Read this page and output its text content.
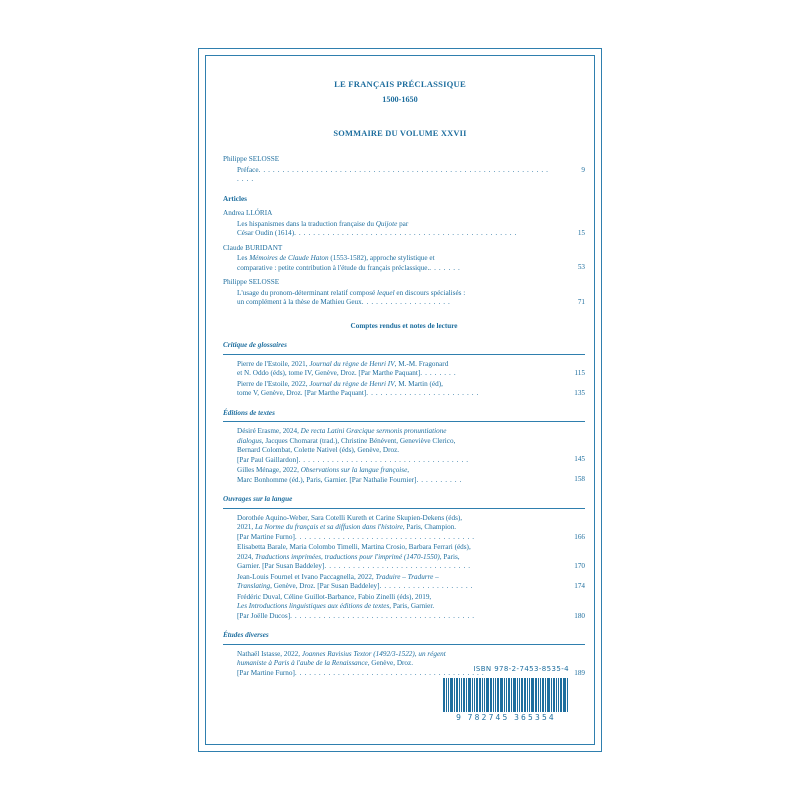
LE FRANÇAIS PRÉCLASSIQUE
1500-1650
SOMMAIRE DU VOLUME XXVII
Philippe SELOSSE
Préface. . . . . . . . . . . . . . . . . . . . . . . . . . . . . . . . . . . . . . . . . . . . . . . . . . . . . . . . . . . . . . . . .
9
Articles
Andrea LLÓRIA
Les hispanismes dans la traduction française du Quijote par
César Oudin (1614). . . . . . . . . . . . . . . . . . . . . . . . . . . . . . . . . . . . . . . . . . . . . . .	15
Claude BURIDANT
Les Mémoires de Claude Haton (1553-1582), approche stylistique et
comparative : petite contribution à l'étude du français préclassique.. . . . . . .	53
Philippe SELOSSE
L'usage du pronom-déterminant relatif composé lequel en discours spécialisés :
un complément à la thèse de Mathieu Geux. . . . . . . . . . . . . . . . . . .	71
Comptes rendus et notes de lecture
Critique de glossaires
Pierre de l'Estoile, 2021, Journal du règne de Henri IV, M.-M. Fragonard
et N. Oddo (éds), tome IV, Genève, Droz. [Par Marthe Paquant]. . . . . . . .	115
Pierre de l'Estoile, 2022, Journal du règne de Henri IV, M. Martin (éd),
tome V, Genève, Droz. [Par Marthe Paquant]. . . . . . . . . . . . . . . . . . . . . . . .	135
Éditions de textes
Désiré Erasme, 2024, De recta Latini Græcique sermonis pronuntiatione
dialogus, Jacques Chomarat (trad.), Christine Bénévent, Geneviève Clerico,
Bernard Colombat, Colette Nativel (éds), Genève, Droz.
[Par Paul Gaillardon]. . . . . . . . . . . . . . . . . . . . . . . . . . . . . . . . . . . .	145
Gilles Ménage, 2022, Observations sur la langue françoise,
Marc Bonhomme (éd.), Paris, Garnier. [Par Nathalie Fournier]. . . . . . . . . .	158
Ouvrages sur la langue
Dorothée Aquino-Weber, Sara Cotelli Kureth et Carine Skupien-Dekens (éds),
2021, La Norme du français et sa diffusion dans l'histoire, Paris, Champion.
[Par Martine Furno]. . . . . . . . . . . . . . . . . . . . . . . . . . . . . . . . . . . . . .	166
Elisabetta Barale, Maria Colombo Timelli, Martina Crosio, Barbara Ferrari (éds),
2024, Traductions imprimées, traductions pour l'imprimé (1470-1550), Paris,
Garnier. [Par Susan Baddeley]. . . . . . . . . . . . . . . . . . . . . . . . . . . . . . .	170
Jean-Louis Fournel et Ivano Paccagnella, 2022, Traduire – Tradurre –
Translating, Genève, Droz. [Par Susan Baddeley]. . . . . . . . . . . . . . . . . . . .	174
Frédéric Duval, Céline Guillot-Barbance, Fabio Zinelli (éds), 2019,
Les Introductions linguistiques aux éditions de textes, Paris, Garnier.
[Par Joëlle Ducos]. . . . . . . . . . . . . . . . . . . . . . . . . . . . . . . . . . . . . . .	180
Études diverses
Nathaël Istasse, 2022, Joannes Ravisius Textor (1492/3-1522), un régent
humaniste à Paris à l'aube de la Renaissance, Genève, Droz.
[Par Martine Furno]. . . . . . . . . . . . . . . . . . . . . . . . . . . . . . . . . . . . . . . .	189
ISBN 978-2-7453-8535-4
9 782745 365354
